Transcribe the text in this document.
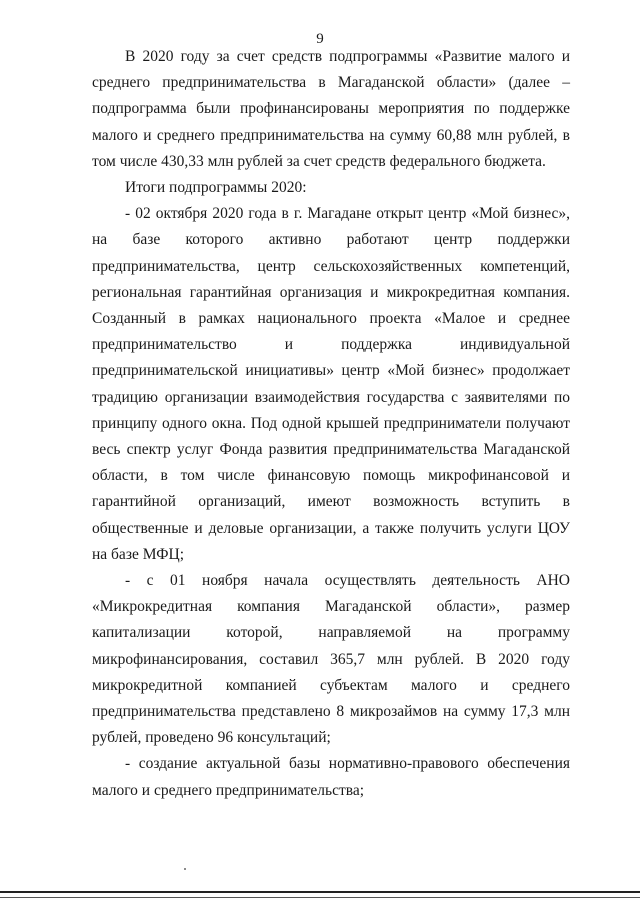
9

В 2020 году за счет средств подпрограммы «Развитие малого и среднего предпринимательства в Магаданской области» (далее – подпрограмма были профинансированы мероприятия по поддержке малого и среднего предпринимательства на сумму 60,88 млн рублей, в том числе 430,33 млн рублей за счет средств федерального бюджета.

Итоги подпрограммы 2020:

- 02 октября 2020 года в г. Магадане открыт центр «Мой бизнес», на базе которого активно работают центр поддержки предпринимательства, центр сельскохозяйственных компетенций, региональная гарантийная организация и микрокредитная компания. Созданный в рамках национального проекта «Малое и среднее предпринимательство и поддержка индивидуальной предпринимательской инициативы» центр «Мой бизнес» продолжает традицию организации взаимодействия государства с заявителями по принципу одного окна. Под одной крышей предприниматели получают весь спектр услуг Фонда развития предпринимательства Магаданской области, в том числе финансовую помощь микрофинансовой и гарантийной организаций, имеют возможность вступить в общественные и деловые организации, а также получить услуги ЦОУ на базе МФЦ;

- с 01 ноября начала осуществлять деятельность АНО «Микрокредитная компания Магаданской области», размер капитализации которой, направляемой на программу микрофинансирования, составил 365,7 млн рублей. В 2020 году микрокредитной компанией субъектам малого и среднего предпринимательства представлено 8 микрозаймов на сумму 17,3 млн рублей, проведено 96 консультаций;

- создание актуальной базы нормативно-правового обеспечения малого и среднего предпринимательства;
